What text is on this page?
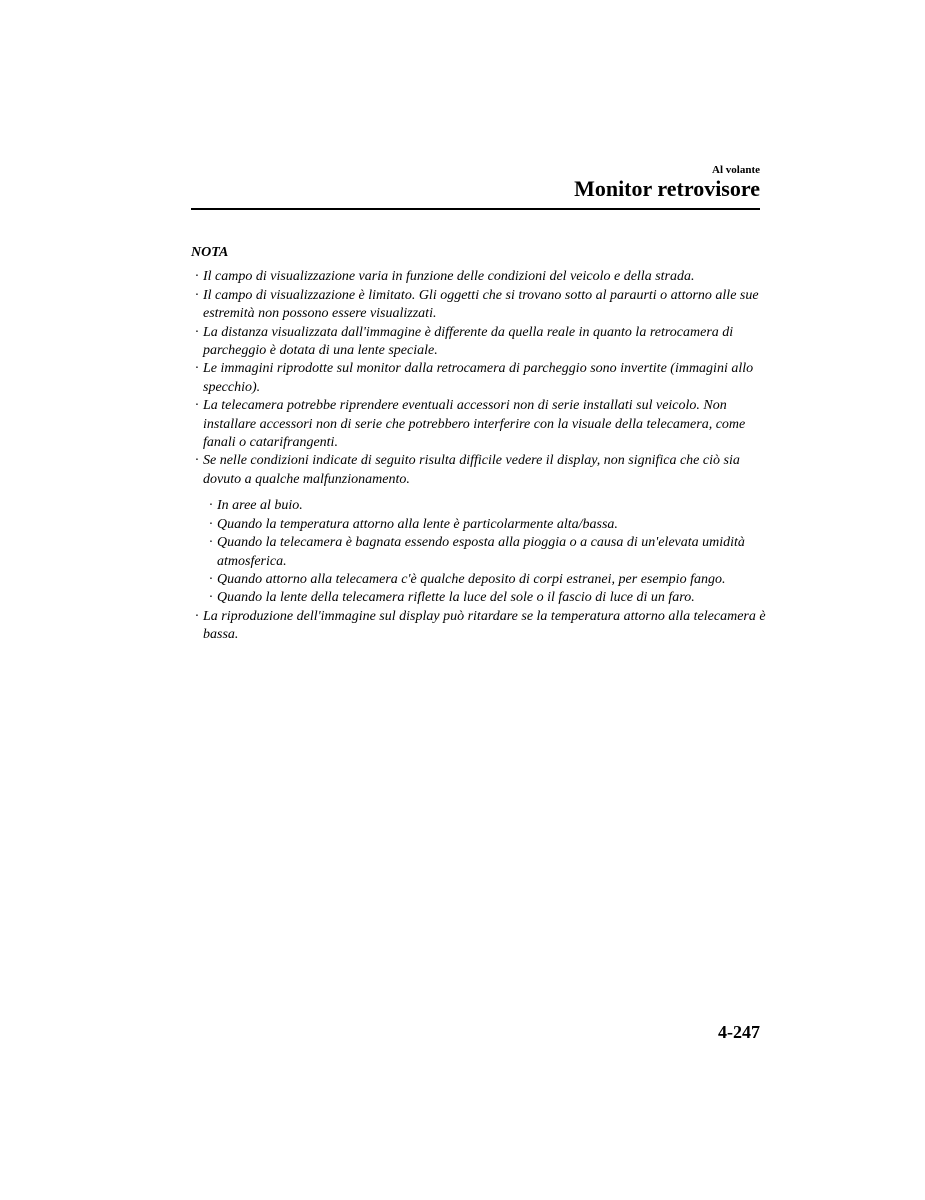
Al volante
Monitor retrovisore
NOTA
· Il campo di visualizzazione varia in funzione delle condizioni del veicolo e della strada.
· Il campo di visualizzazione è limitato. Gli oggetti che si trovano sotto al paraurti o attorno alle sue estremità non possono essere visualizzati.
· La distanza visualizzata dall'immagine è differente da quella reale in quanto la retrocamera di parcheggio è dotata di una lente speciale.
· Le immagini riprodotte sul monitor dalla retrocamera di parcheggio sono invertite (immagini allo specchio).
· La telecamera potrebbe riprendere eventuali accessori non di serie installati sul veicolo. Non installare accessori non di serie che potrebbero interferire con la visuale della telecamera, come fanali o catarifrangenti.
· Se nelle condizioni indicate di seguito risulta difficile vedere il display, non significa che ciò sia dovuto a qualche malfunzionamento.
· In aree al buio.
· Quando la temperatura attorno alla lente è particolarmente alta/bassa.
· Quando la telecamera è bagnata essendo esposta alla pioggia o a causa di un'elevata umidità atmosferica.
· Quando attorno alla telecamera c'è qualche deposito di corpi estranei, per esempio fango.
· Quando la lente della telecamera riflette la luce del sole o il fascio di luce di un faro.
· La riproduzione dell'immagine sul display può ritardare se la temperatura attorno alla telecamera è bassa.
4-247
